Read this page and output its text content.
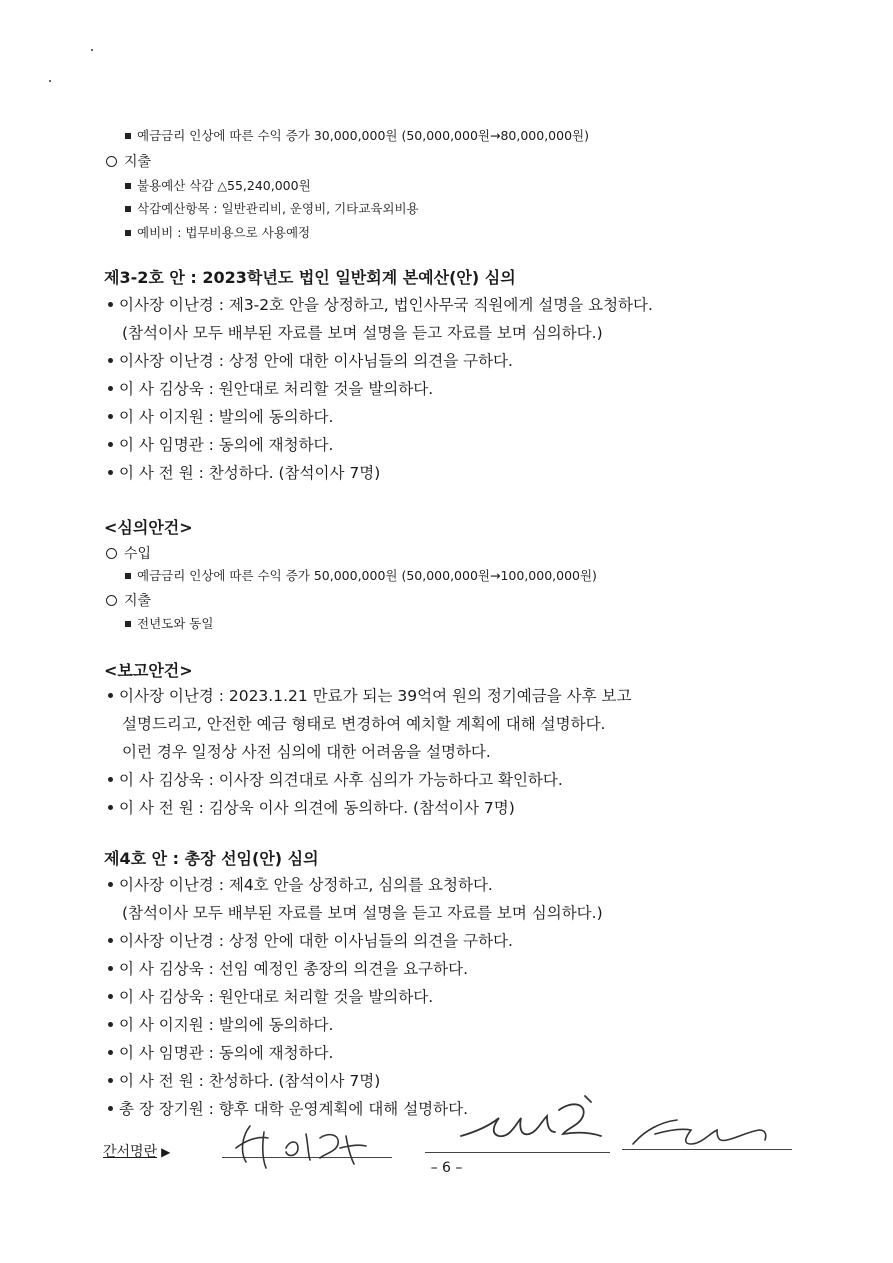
예금금리 인상에 따른 수익 증가 30,000,000원 (50,000,000원→80,000,000원)
지출
불용예산 삭감 △55,240,000원
삭감예산항목 : 일반관리비, 운영비, 기타교육외비용
예비비 : 법무비용으로 사용예정
제3-2호 안 : 2023학년도 법인 일반회계 본예산(안) 심의
이사장 이난경 : 제3-2호 안을 상정하고, 법인사무국 직원에게 설명을 요청하다.
(참석이사 모두 배부된 자료를 보며 설명을 듣고 자료를 보며 심의하다.)
이사장 이난경 : 상정 안에 대한 이사님들의 의견을 구하다.
이 사 김상욱 : 원안대로 처리할 것을 발의하다.
이 사 이지원 : 발의에 동의하다.
이 사 임명관 : 동의에 재청하다.
이 사 전 원 : 찬성하다. (참석이사 7명)
<심의안건>
수입
예금금리 인상에 따른 수익 증가 50,000,000원 (50,000,000원→100,000,000원)
지출
전년도와 동일
<보고안건>
이사장 이난경 : 2023.1.21 만료가 되는 39억여 원의 정기예금을 사후 보고
설명드리고, 안전한 예금 형태로 변경하여 예치할 계획에 대해 설명하다.
이런 경우 일정상 사전 심의에 대한 어려움을 설명하다.
이 사 김상욱 : 이사장 의견대로 사후 심의가 가능하다고 확인하다.
이 사 전 원 : 김상욱 이사 의견에 동의하다. (참석이사 7명)
제4호 안 : 총장 선임(안) 심의
이사장 이난경 : 제4호 안을 상정하고, 심의를 요청하다.
(참석이사 모두 배부된 자료를 보며 설명을 듣고 자료를 보며 심의하다.)
이사장 이난경 : 상정 안에 대한 이사님들의 의견을 구하다.
이 사 김상욱 : 선임 예정인 총장의 의견을 요구하다.
이 사 김상욱 : 원안대로 처리할 것을 발의하다.
이 사 이지원 : 발의에 동의하다.
이 사 임명관 : 동의에 재청하다.
이 사 전 원 : 찬성하다. (참석이사 7명)
총 장 장기원 : 향후 대학 운영계획에 대해 설명하다.
간서명란 ▶
– 6 –
